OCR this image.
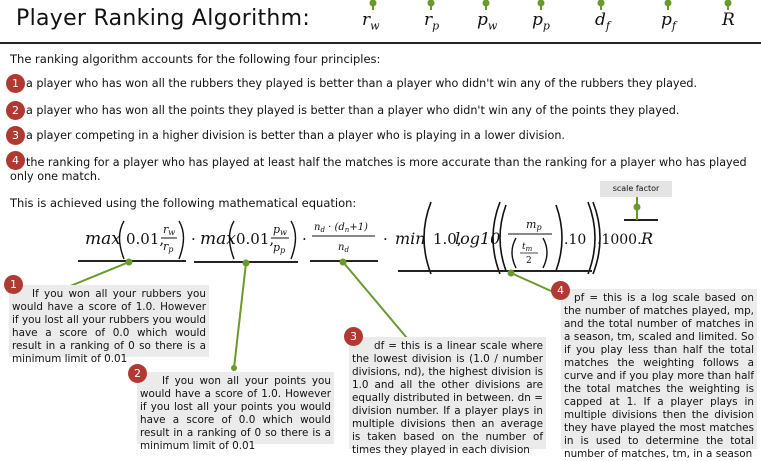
Player Ranking Algorithm:	$r_w$	$r_p$ $p_w$ $p_p$	$d_f$	$p_f$	R
The ranking algorithm accounts for the following four principles:
1 a player who has won all the rubbers they played is better than a player who didn't win any of the rubbers they played.
2 a player who has won all the points they played is better than a player who didn't win any of the points they played.
3 a player competing in a higher division is better than a player who is playing in a lower division.
4 the ranking for a player who has played at least half the matches is more accurate than the ranking for a player who has played only one match.
This is achieved using the following mathematical equation:
scale factor
max 0.01,
rw
rp
· max 0.01,
pw
pp
·
$n_d \cdot (d_n+1)$
$n_d$
· min 1.0,
log10
mp
$t_m$
2
.10 .1000. R

If you won all your rubbers you would have a score of 1.0. However if you lost all your rubbers you would have a score of 0.0 which would result in a ranking of 0 so there is a minimum limit of 0.01

1

If you won all your points you would have a score of 1.0. However if you lost all your points you would have a score of 0.0 which would result in a ranking of 0 so there is a minimum limit of 0.01

2

df = this is a linear scale where the lowest division is (1.0 / number divisions, nd), the highest division is 1.0 and all the other divisions are equally distributed in between. dn = division number. If a player plays in multiple divisions then an average is taken based on the number of times they played in each division

3

pf = this is a log scale based on the number of matches played, mp, and the total number of matches in a season, tm, scaled and limited. So if you play less than half the total matches the weighting follows a curve and if you play more than half the total matches the weighting is capped at 1. If a player plays in multiple divisions then the division they have played the most matches in is used to determine the total number of matches, tm, in a season

4
